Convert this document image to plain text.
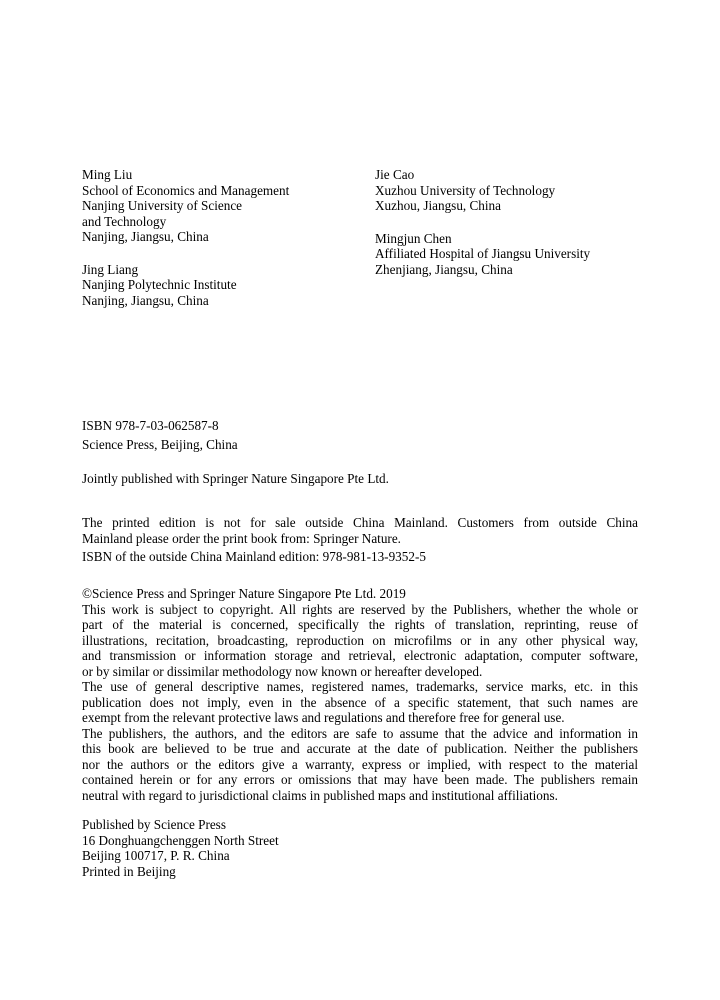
Ming Liu
School of Economics and Management
Nanjing University of Science
and Technology
Nanjing, Jiangsu, China
Jing Liang
Nanjing Polytechnic Institute
Nanjing, Jiangsu, China
Jie Cao
Xuzhou University of Technology
Xuzhou, Jiangsu, China
Mingjun Chen
Affiliated Hospital of Jiangsu University
Zhenjiang, Jiangsu, China
ISBN 978-7-03-062587-8
Science Press, Beijing, China
Jointly published with Springer Nature Singapore Pte Ltd.
The printed edition is not for sale outside China Mainland. Customers from outside China
Mainland please order the print book from: Springer Nature.
ISBN of the outside China Mainland edition: 978-981-13-9352-5
©Science Press and Springer Nature Singapore Pte Ltd. 2019
This work is subject to copyright. All rights are reserved by the Publishers, whether the whole or
part of the material is concerned, specifically the rights of translation, reprinting, reuse of
illustrations, recitation, broadcasting, reproduction on microfilms or in any other physical way,
and transmission or information storage and retrieval, electronic adaptation, computer software,
or by similar or dissimilar methodology now known or hereafter developed.
The use of general descriptive names, registered names, trademarks, service marks, etc. in this
publication does not imply, even in the absence of a specific statement, that such names are
exempt from the relevant protective laws and regulations and therefore free for general use.
The publishers, the authors, and the editors are safe to assume that the advice and information in
this book are believed to be true and accurate at the date of publication. Neither the publishers
nor the authors or the editors give a warranty, express or implied, with respect to the material
contained herein or for any errors or omissions that may have been made. The publishers remain
neutral with regard to jurisdictional claims in published maps and institutional affiliations.
Published by Science Press
16 Donghuangchenggen North Street
Beijing 100717, P. R. China
Printed in Beijing
